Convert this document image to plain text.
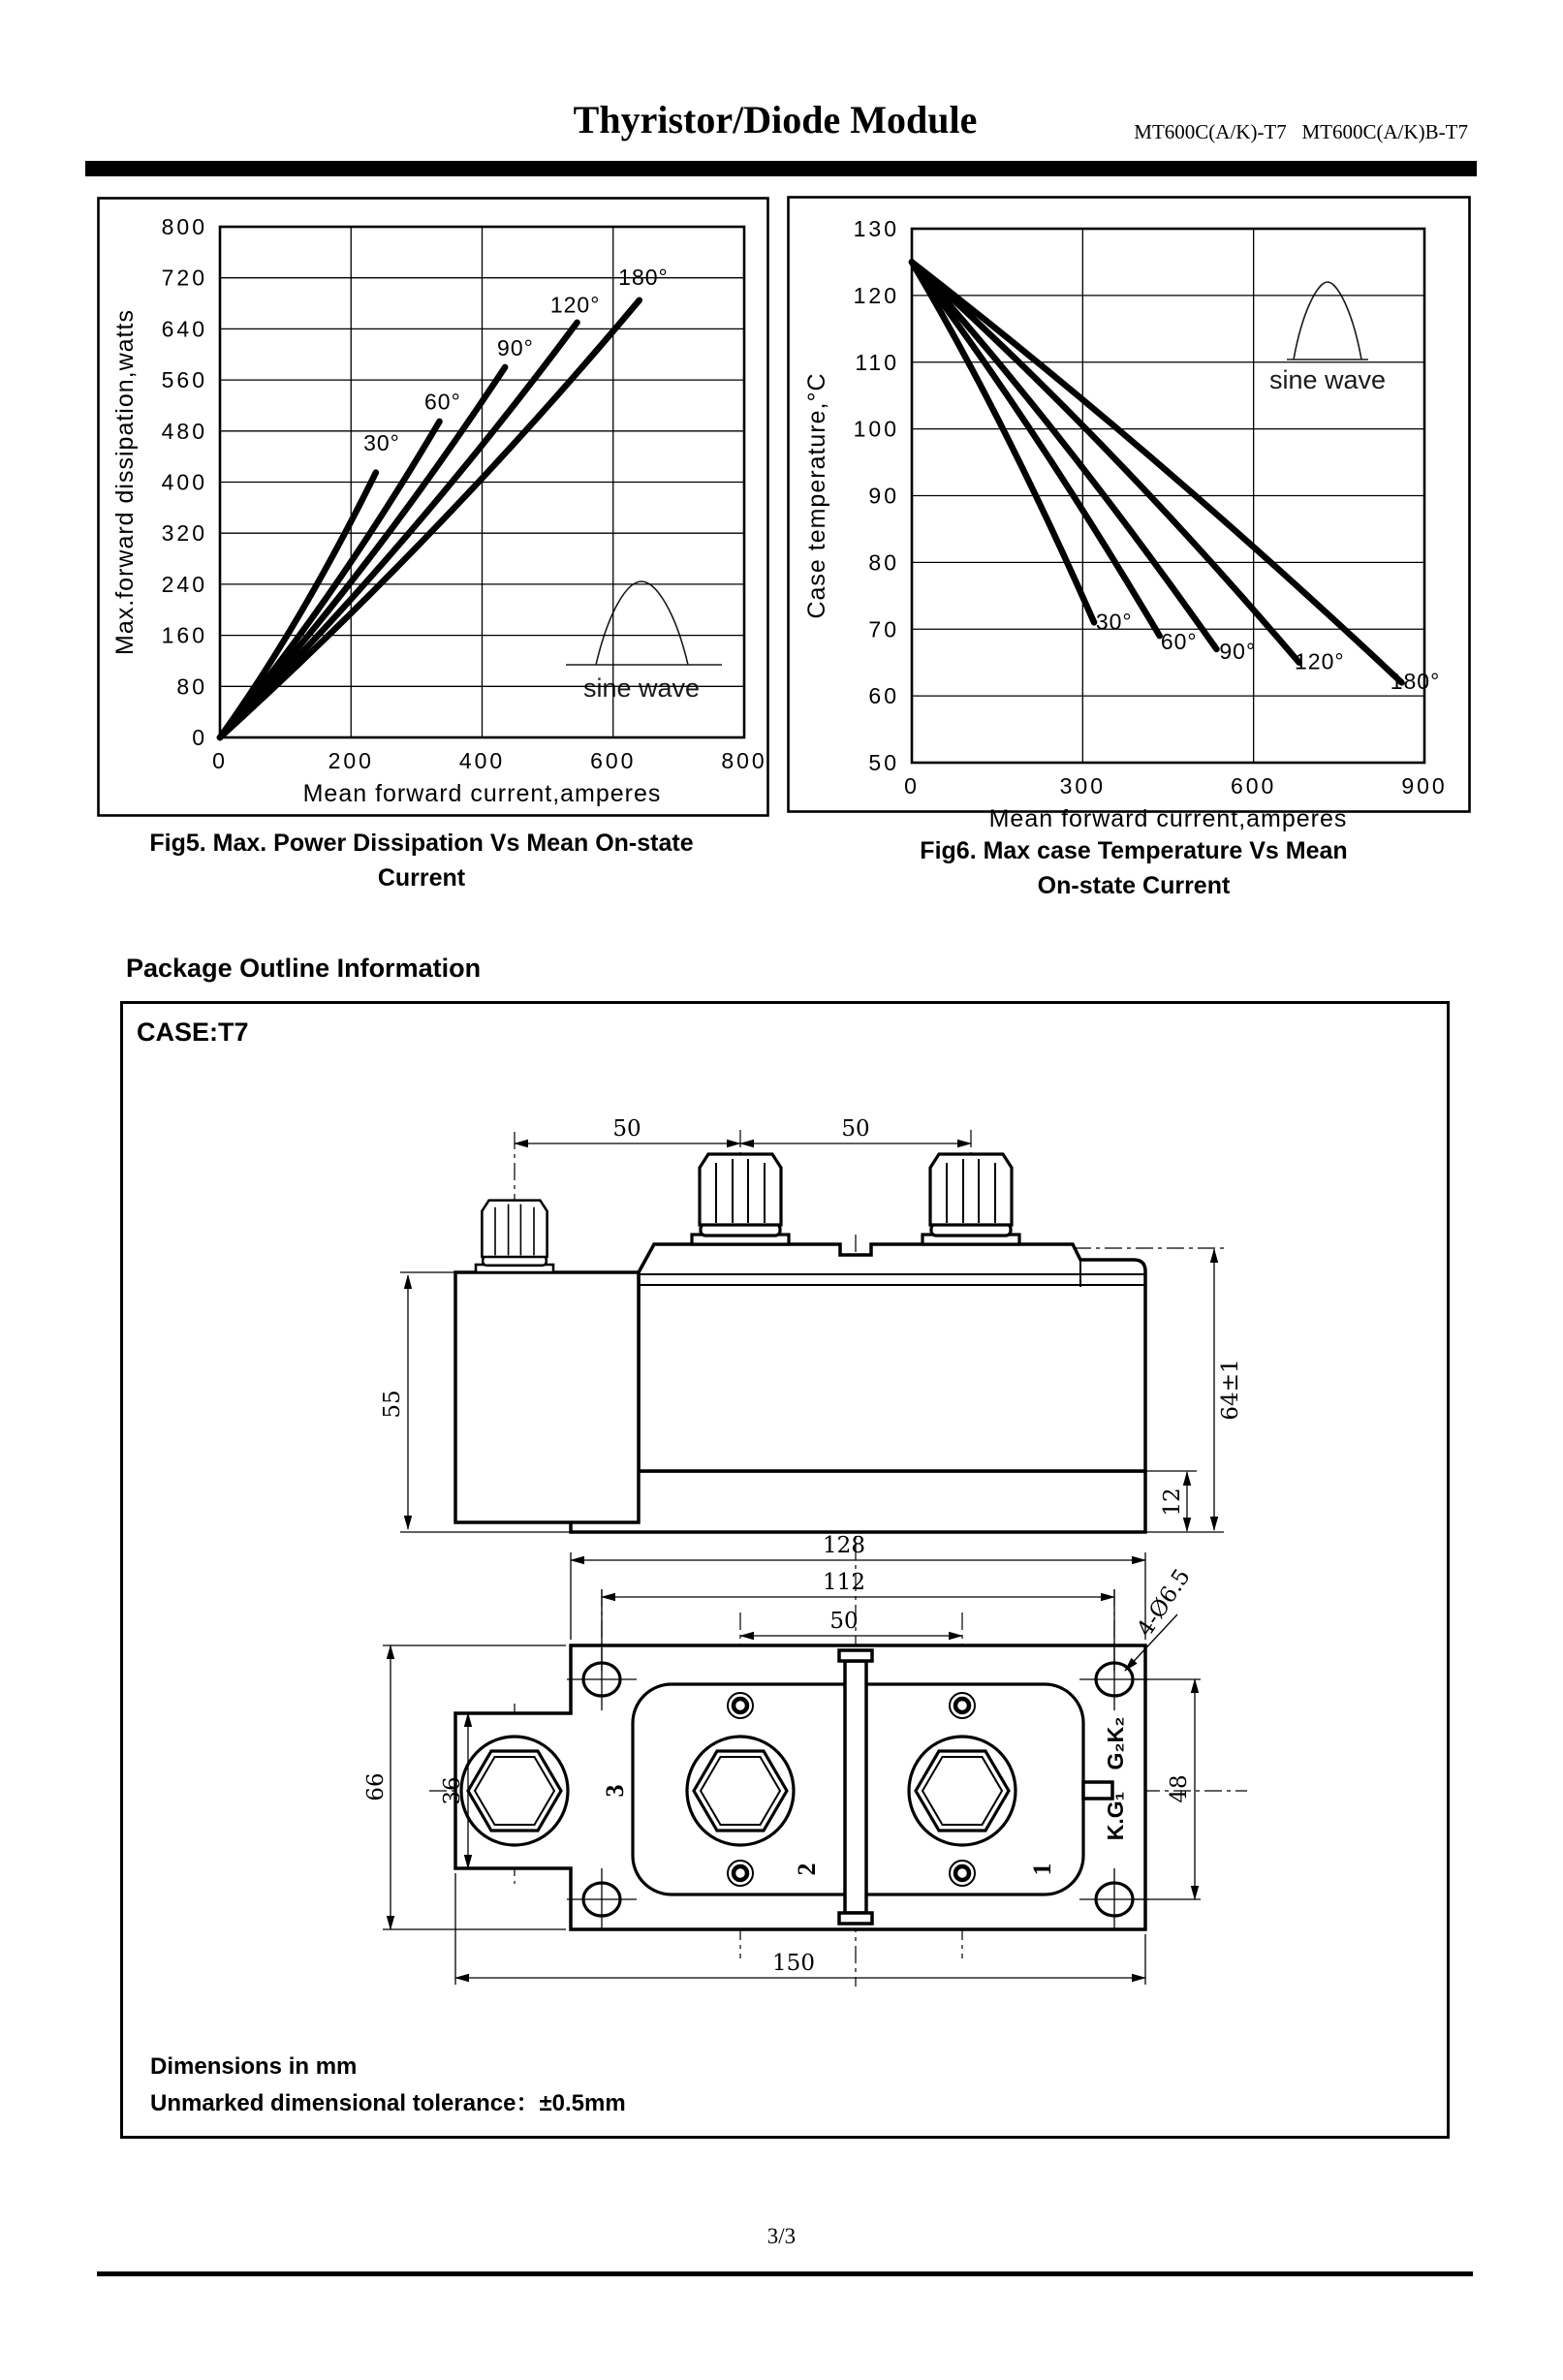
Thyristor/Diode Module	MT600C(A/K)-T7   MT600C(A/K)B-T7
sine wave
0	200	400	600	800
0
80
160
240
320
400
480
560
640
720
800
30°
60°
90°
120°
180°
Mean forward current,amperes
Max.forward dissipation,watts	sine wave
0	300	600	900
50
60
70
80
90
100
110
120
130
30°
60° 90° 120°
180°
Mean forward current,amperes
Case temperature,°C
Fig5. Max. Power Dissipation Vs Mean On-state
Current
Fig6. Max case Temperature Vs Mean
On-state Current
Package Outline Information
CASE:T7
50	50
55	64±1
12
G₂K₂
K.G₁
3
2	1
128
112
50
150
66 36	48
4-Ø6.5
Dimensions in mm
Unmarked dimensional tolerance：±0.5mm
3/3
